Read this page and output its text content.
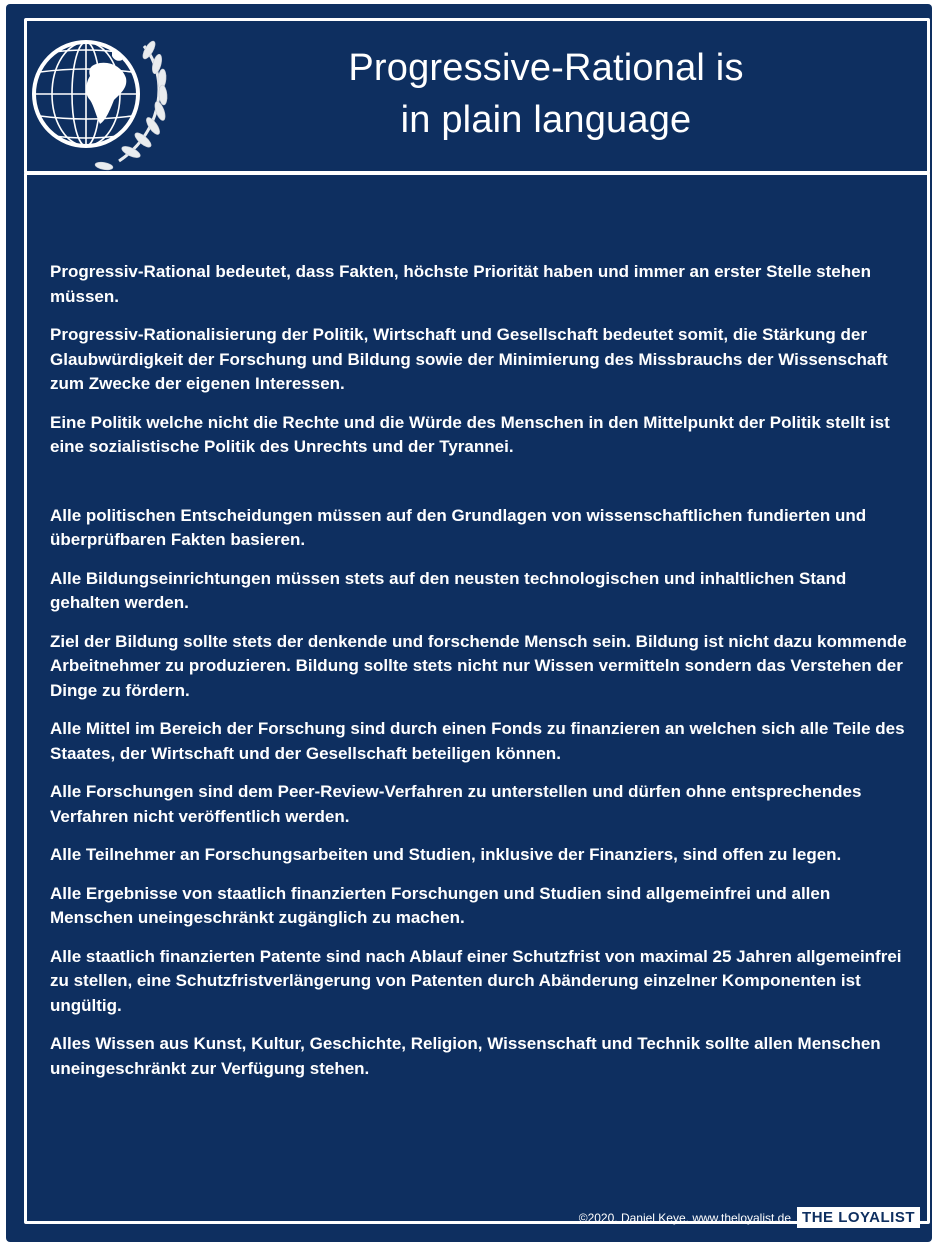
Progressive-Rational is
in plain language

Progressiv-Rational bedeutet, dass Fakten, höchste Priorität haben und immer an erster Stelle stehen müssen.

Progressiv-Rationalisierung der Politik, Wirtschaft und Gesellschaft bedeutet somit, die Stärkung der Glaubwürdigkeit der Forschung und Bildung sowie der Minimierung des Missbrauchs der Wissenschaft zum Zwecke der eigenen Interessen.

Eine Politik welche nicht die Rechte und die Würde des Menschen in den Mittelpunkt der Politik stellt ist eine sozialistische Politik des Unrechts und der Tyrannei.

Alle politischen Entscheidungen müssen auf den Grundlagen von wissenschaftlichen fundierten und überprüfbaren Fakten basieren.

Alle Bildungseinrichtungen müssen stets auf den neusten technologischen und inhaltlichen Stand gehalten werden.

Ziel der Bildung sollte stets der denkende und forschende Mensch sein. Bildung ist nicht dazu kommende Arbeitnehmer zu produzieren. Bildung sollte stets nicht nur Wissen vermitteln sondern das Verstehen der Dinge zu fördern.

Alle Mittel im Bereich der Forschung sind durch einen Fonds zu finanzieren an welchen sich alle Teile des Staates, der Wirtschaft und der Gesellschaft beteiligen können.

Alle Forschungen sind dem Peer-Review-Verfahren zu unterstellen und dürfen ohne entsprechendes Verfahren nicht veröffentlich werden.

Alle Teilnehmer an Forschungsarbeiten und Studien, inklusive der Finanziers, sind offen zu legen.

Alle Ergebnisse von staatlich finanzierten Forschungen und Studien sind allgemeinfrei und allen Menschen uneingeschränkt zugänglich zu machen.

Alle staatlich finanzierten Patente sind nach Ablauf einer Schutzfrist von maximal 25 Jahren allgemeinfrei zu stellen, eine Schutzfristverlängerung von Patenten durch Abänderung einzelner Komponenten ist ungültig.

Alles Wissen aus Kunst, Kultur, Geschichte, Religion, Wissenschaft und Technik sollte allen Menschen uneingeschränkt zur Verfügung stehen.

©2020, Daniel Keye, www.theloyalist.de THE LOYALIST
